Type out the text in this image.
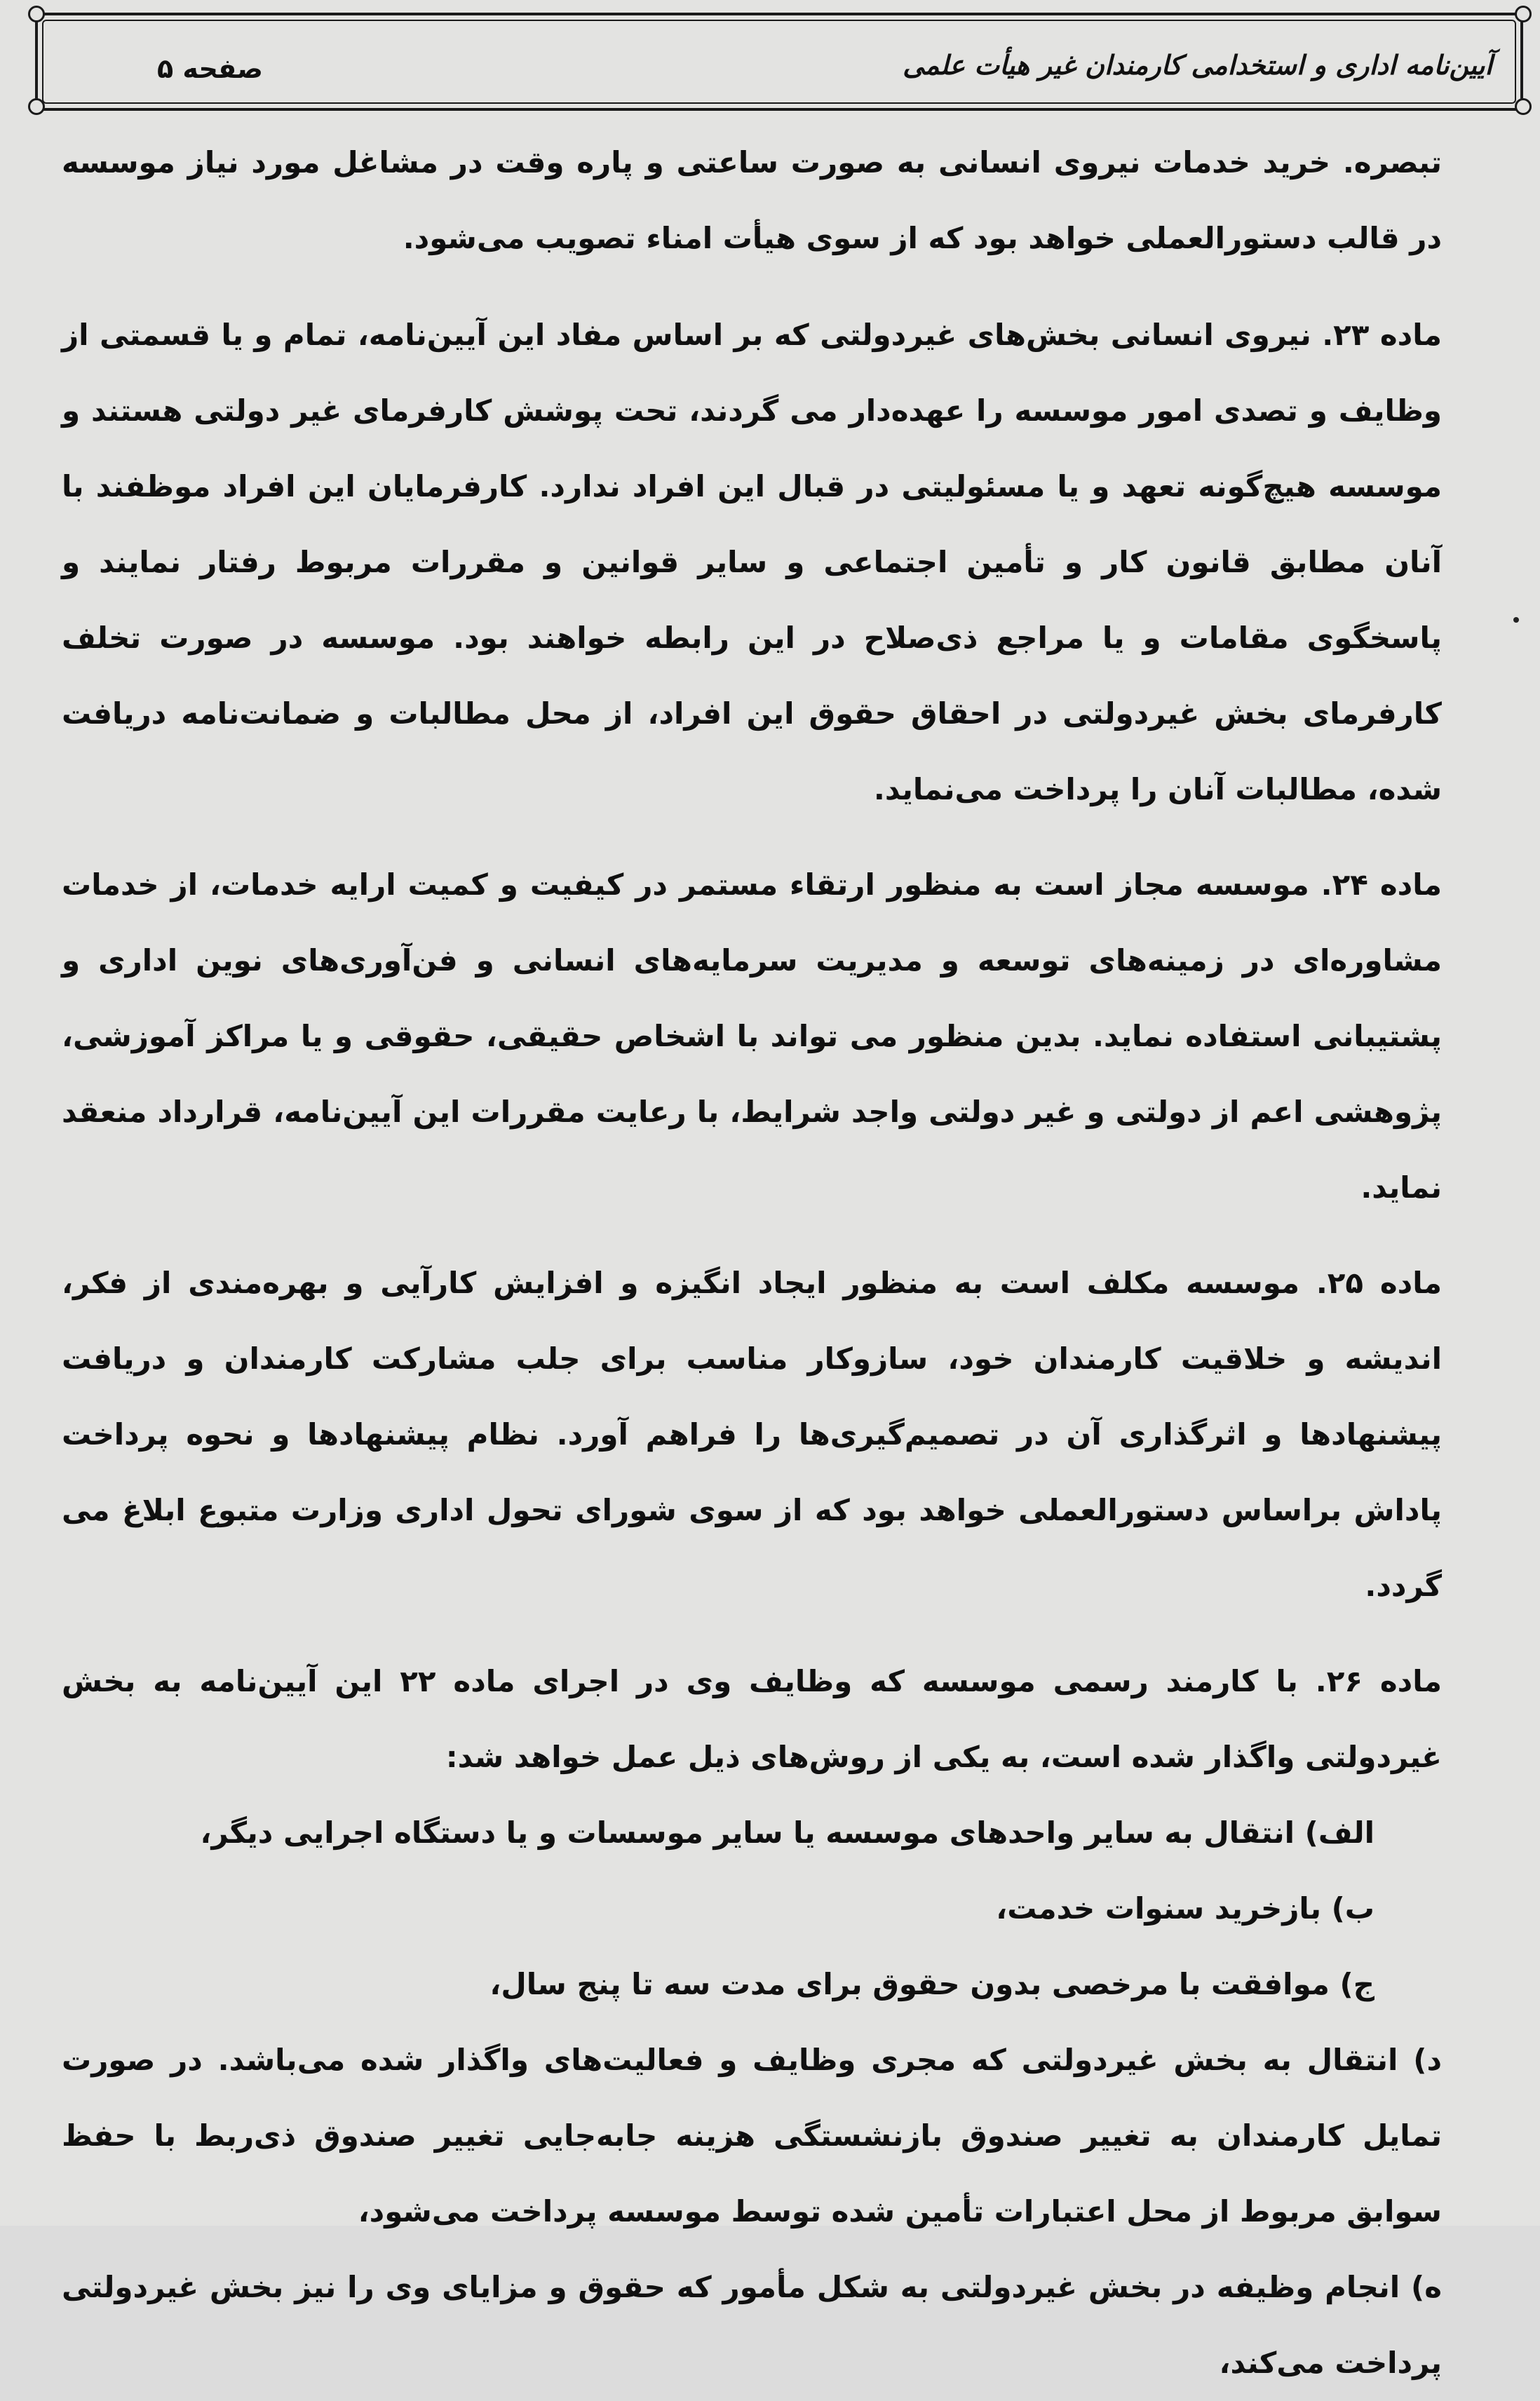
آیین‌نامه اداری و استخدامی کارمندان غیر هیأت علمی
صفحه ۵

تبصره. خرید خدمات نیروی انسانی به صورت ساعتی و پاره وقت در مشاغل مورد نیاز موسسه در قالب دستورالعملی خواهد بود که از سوی هیأت امناء تصویب می‌شود.

ماده ۲۳. نیروی انسانی بخش‌های غیردولتی که بر اساس مفاد این آیین‌نامه، تمام و یا قسمتی از وظایف و تصدی امور موسسه را عهده‌دار می گردند، تحت پوشش کارفرمای غیر دولتی هستند و موسسه هیچ‌گونه تعهد و یا مسئولیتی در قبال این افراد ندارد. کارفرمایان این افراد موظفند با آنان مطابق قانون کار و تأمین اجتماعی و سایر قوانین و مقررات مربوط رفتار نمایند و پاسخگوی مقامات و یا مراجع ذی‌صلاح در این رابطه خواهند بود. موسسه در صورت تخلف کارفرمای بخش غیردولتی در احقاق حقوق این افراد، از محل مطالبات و ضمانت‌نامه دریافت شده، مطالبات آنان را پرداخت می‌نماید.

ماده ۲۴. موسسه مجاز است به منظور ارتقاء مستمر در کیفیت و کمیت ارایه خدمات، از خدمات مشاوره‌ای در زمینه‌های توسعه و مدیریت سرمایه‌های انسانی و فن‌آوری‌های نوین اداری و پشتیبانی استفاده نماید. بدین منظور می تواند با اشخاص حقیقی، حقوقی و یا مراکز آموزشی، پژوهشی اعم از دولتی و غیر دولتی واجد شرایط، با رعایت مقررات این آیین‌نامه، قرارداد منعقد نماید.

ماده ۲۵. موسسه مکلف است به منظور ایجاد انگیزه و افزایش کارآیی و بهره‌مندی از فکر، اندیشه و خلاقیت کارمندان خود، سازوکار مناسب برای جلب مشارکت کارمندان و دریافت پیشنهادها و اثرگذاری آن در تصمیم‌گیری‌ها را فراهم آورد. نظام پیشنهادها و نحوه پرداخت پاداش براساس دستورالعملی خواهد بود که از سوی شورای تحول اداری وزارت متبوع ابلاغ می گردد.

ماده ۲۶. با کارمند رسمی موسسه که وظایف وی در اجرای ماده ۲۲ این آیین‌نامه به بخش غیردولتی واگذار شده است، به یکی از روش‌های ذیل عمل خواهد شد:

الف) انتقال به سایر واحدهای موسسه یا سایر موسسات و یا دستگاه اجرایی دیگر،

ب) بازخرید سنوات خدمت،

ج) موافقت با مرخصی بدون حقوق برای مدت سه تا پنج سال،

د) انتقال به بخش غیردولتی که مجری وظایف و فعالیت‌های واگذار شده می‌باشد. در صورت تمایل کارمندان به تغییر صندوق بازنشستگی هزینه جابه‌جایی تغییر صندوق ذی‌ربط با حفظ سوابق مربوط از محل اعتبارات تأمین شده توسط موسسه پرداخت می‌شود،

ه) انجام وظیفه در بخش غیردولتی به شکل مأمور که حقوق و مزایای وی را نیز بخش غیردولتی پرداخت می‌کند،
